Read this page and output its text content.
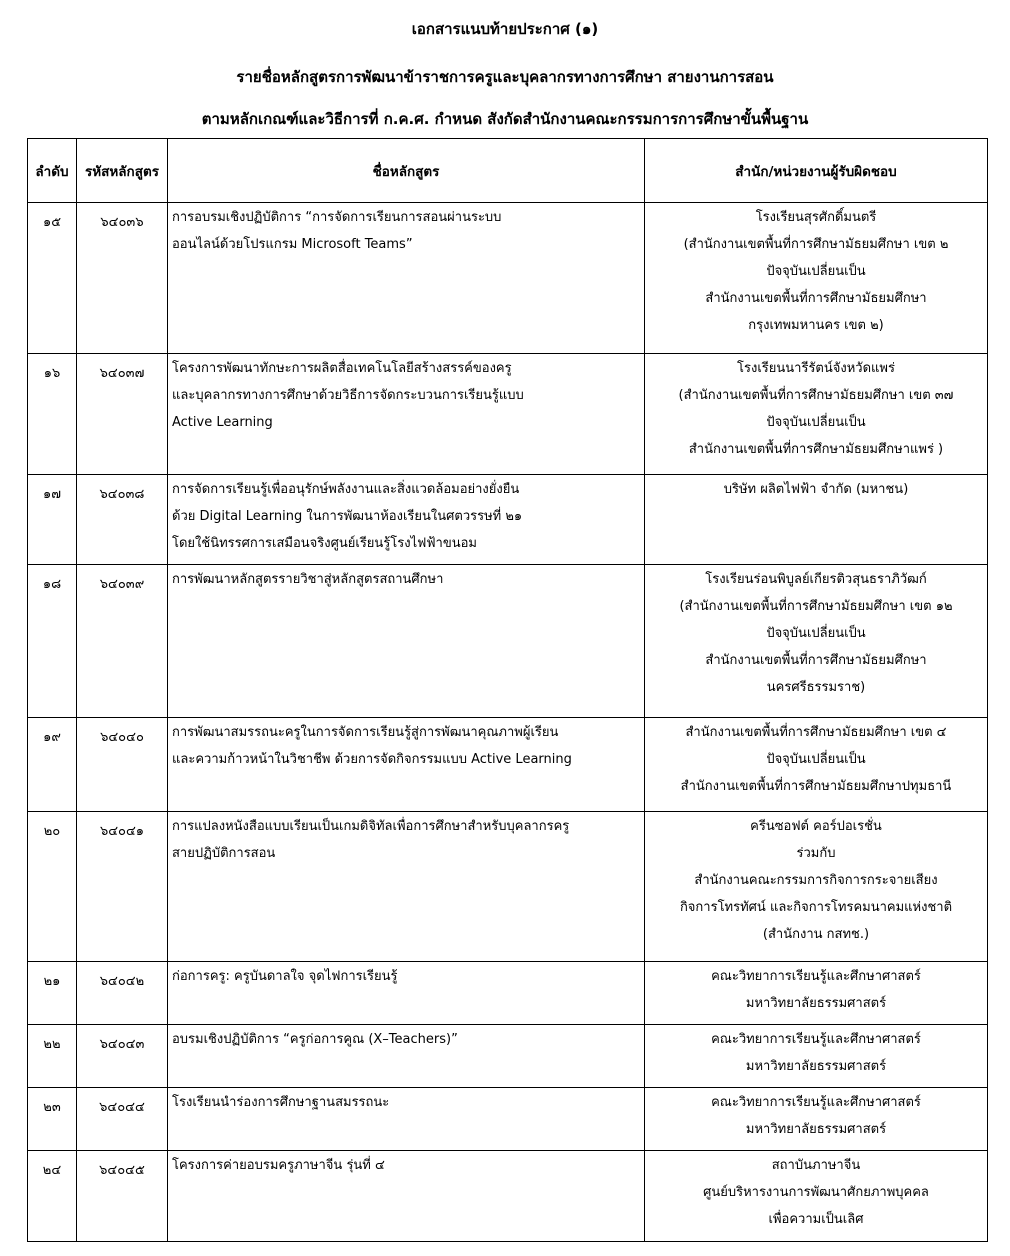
เอกสารแนบท้ายประกาศ (๑)
รายชื่อหลักสูตรการพัฒนาข้าราชการครูและบุคลากรทางการศึกษา สายงานการสอน
ตามหลักเกณฑ์และวิธีการที่ ก.ค.ศ. กำหนด สังกัดสำนักงานคณะกรรมการการศึกษาขั้นพื้นฐาน
ลำดับ	รหัสหลักสูตร	ชื่อหลักสูตร	สำนัก/หน่วยงานผู้รับผิดชอบ
๑๕	๖๔๐๓๖	การอบรมเชิงปฏิบัติการ “การจัดการเรียนการสอนผ่านระบบ
ออนไลน์ด้วยโปรแกรม Microsoft Teams”	โรงเรียนสุรศักดิ์มนตรี
(สำนักงานเขตพื้นที่การศึกษามัธยมศึกษา เขต ๒
ปัจจุบันเปลี่ยนเป็น
สำนักงานเขตพื้นที่การศึกษามัธยมศึกษา
กรุงเทพมหานคร เขต ๒)

๑๖	๖๔๐๓๗	โครงการพัฒนาทักษะการผลิตสื่อเทคโนโลยีสร้างสรรค์ของครู
และบุคลากรทางการศึกษาด้วยวิธีการจัดกระบวนการเรียนรู้แบบ
Active Learning	โรงเรียนนารีรัตน์จังหวัดแพร่
(สำนักงานเขตพื้นที่การศึกษามัธยมศึกษา เขต ๓๗
ปัจจุบันเปลี่ยนเป็น
สำนักงานเขตพื้นที่การศึกษามัธยมศึกษาแพร่ )

๑๗	๖๔๐๓๘	การจัดการเรียนรู้เพื่ออนุรักษ์พลังงานและสิ่งแวดล้อมอย่างยั่งยืน
ด้วย Digital Learning ในการพัฒนาห้องเรียนในศตวรรษที่ ๒๑
โดยใช้นิทรรศการเสมือนจริงศูนย์เรียนรู้โรงไฟฟ้าขนอม	บริษัท ผลิตไฟฟ้า จำกัด (มหาชน)

๑๘	๖๔๐๓๙	การพัฒนาหลักสูตรรายวิชาสู่หลักสูตรสถานศึกษา	โรงเรียนร่อนพิบูลย์เกียรติวสุนธราภิวัฒก์
(สำนักงานเขตพื้นที่การศึกษามัธยมศึกษา เขต ๑๒
ปัจจุบันเปลี่ยนเป็น
สำนักงานเขตพื้นที่การศึกษามัธยมศึกษา
นครศรีธรรมราช)

๑๙	๖๔๐๔๐	การพัฒนาสมรรถนะครูในการจัดการเรียนรู้สู่การพัฒนาคุณภาพผู้เรียน
และความก้าวหน้าในวิชาชีพ ด้วยการจัดกิจกรรมแบบ Active Learning	สำนักงานเขตพื้นที่การศึกษามัธยมศึกษา เขต ๔
ปัจจุบันเปลี่ยนเป็น
สำนักงานเขตพื้นที่การศึกษามัธยมศึกษาปทุมธานี

๒๐	๖๔๐๔๑	การแปลงหนังสือแบบเรียนเป็นเกมดิจิทัลเพื่อการศึกษาสำหรับบุคลากรครู
สายปฏิบัติการสอน	ครีนซอฟต์ คอร์ปอเรชั่น
ร่วมกับ
สำนักงานคณะกรรมการกิจการกระจายเสียง
กิจการโทรทัศน์ และกิจการโทรคมนาคมแห่งชาติ
(สำนักงาน กสทช.)

๒๑	๖๔๐๔๒	ก่อการครู: ครูบันดาลใจ จุดไฟการเรียนรู้	คณะวิทยาการเรียนรู้และศึกษาศาสตร์
มหาวิทยาลัยธรรมศาสตร์

๒๒	๖๔๐๔๓	อบรมเชิงปฏิบัติการ “ครูก่อการคูณ (X–Teachers)”	คณะวิทยาการเรียนรู้และศึกษาศาสตร์
มหาวิทยาลัยธรรมศาสตร์

๒๓	๖๔๐๔๔	โรงเรียนนำร่องการศึกษาฐานสมรรถนะ	คณะวิทยาการเรียนรู้และศึกษาศาสตร์
มหาวิทยาลัยธรรมศาสตร์

๒๔	๖๔๐๔๕	โครงการค่ายอบรมครูภาษาจีน รุ่นที่ ๔	สถาบันภาษาจีน
ศูนย์บริหารงานการพัฒนาศักยภาพบุคคล
เพื่อความเป็นเลิศ
